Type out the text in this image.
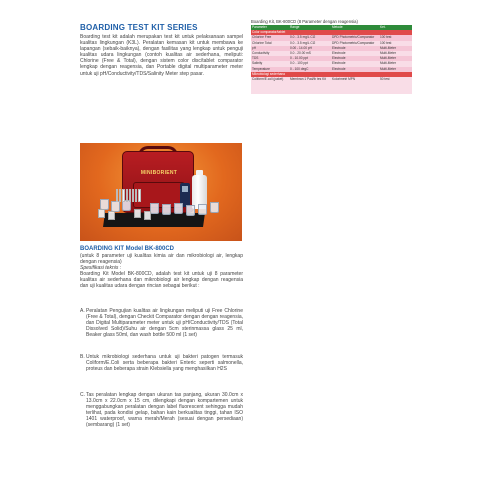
BOARDING TEST KIT SERIES
Boarding test kit adalah merupakan test kit untuk pelaksanaan sampel kualitas lingkungan (K3L). Peralatan kemasan kit untuk membawa ke lapangan (sebaik-baiknya), dengan fasilitas yang lengkap untuk penguji kualitas udara lingkungan (contoh kualitas air sederhana, meliputi: Chlorine (Free & Total), dengan sistem color disc/tablet comparator lengkap dengan reagensia, dan Portable digital multiparameter meter untuk uji pH/Conductivity/TDS/Salinity Meter step pasar.
Boarding Kit, BK-800CD (8 Parameter dengan reagensia)
Parameter	Range	Metode	Ket.
Color comparator/tablet			
Chlorine Free	0.0 - 3.5 mg/L Cl2	DPD Photometric/Comparator	100 test
Chlorine Total	0.0 - 3.5 mg/L Cl2	DPD Photometric/Comparator	100 test
pH	0.00 - 14.00 pH	Electrode	Multi-Meter
Conductivity	0.0 - 20.00 mS	Electrode	Multi-Meter
TDS	0 - 10.00 ppt	Electrode	Multi-Meter
Salinity	0.0 - 100 ppt	Electrode	Multi-Meter
Temperature	0 - 100 degC	Electrode	Multi-Meter
Mikrobiologi sederhana			
Coliform/E.coli (paket)	Membran 1 Pad/lb tes Kit	Kolorimetri MPN	50 test
MINIBORIENT
BOARDING KIT Model BK-800CD
(untuk 8 parameter uji kualitas kimia air dan mikrobiologi air, lengkap dengan reagensia)
Spesifikasi teknis :
Boarding Kit Model BK-800CD, adalah test kit untuk uji 8 parameter kualitas air sederhana dan mikrobiologi air lengkap dengan reagensia dan uji kualitas udara dengan rincian sebagai berikut :
A. Peralatan Pengujian kualitas air lingkungan meliputi uji Free Chlorine (Free & Total), dengan Checkit Comparator dengan dengan reagensia, dan Digital Multiparameter meter untuk uji pH/Conductivity/TDS (Total Dissolved Solid)/Suhu air dengan 5cm sterinmassa glass 25 ml, Beaker glass 50ml, dan wash bottle 500 ml (1 set)
B. Untuk mikrobiologi sederhana untuk uji bakteri patogen termasuk Coliform/E.Coli serta beberapa bakteri Enteric seperti salmonella, proteus dan beberapa strain Klebsiella yang menghasilkan H2S
C. Tas peralatan lengkap dengan ukuran tas panjang, ukuran 30.0cm x 13.0cm x 22.0cm x 15 cm, dilengkapi dengan kompartemen untuk menggabungkan peralatan dengan label fluorescent sehingga mudah terlihat, pada kondisi gelap, bahan kain berkualitas tinggi, tahan ISO 1401 waterproof, warna merah/Merah (sesuai dengan persediaan) (sembarang) (1 set)
